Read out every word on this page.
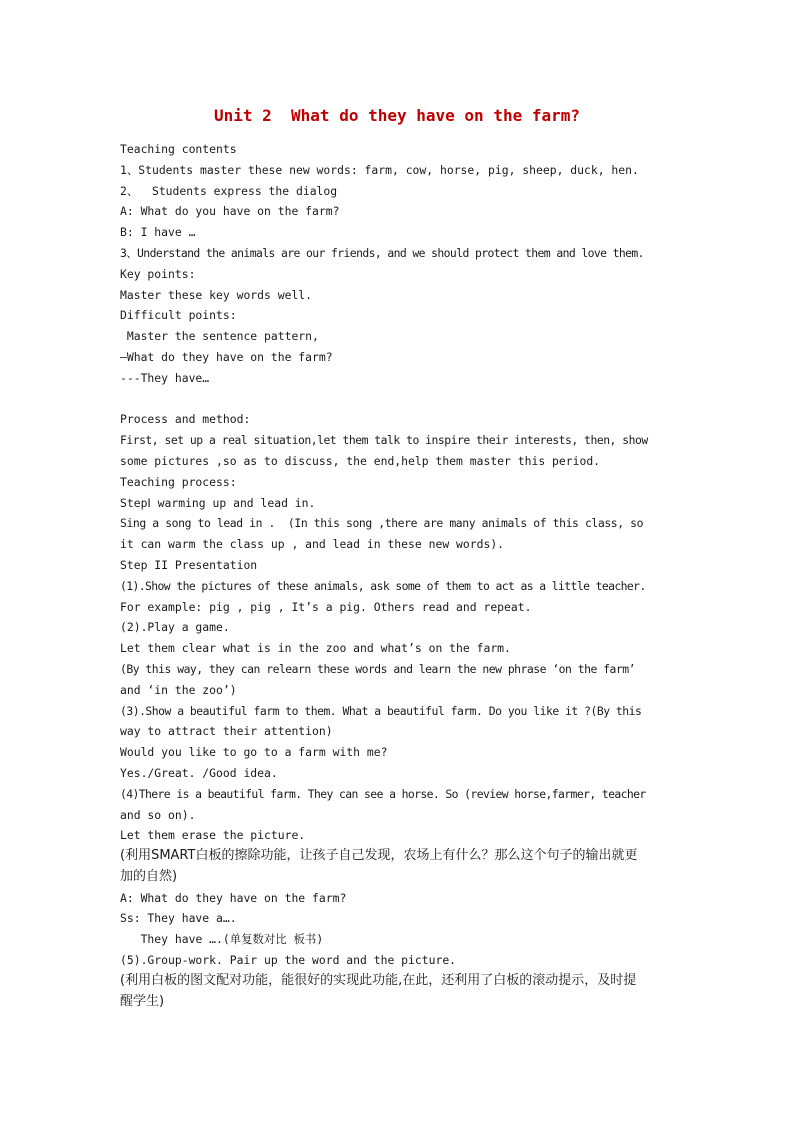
Unit 2  What do they have on the farm?
Teaching contents
1、Students master these new words: farm, cow, horse, pig, sheep, duck, hen.
2、  Students express the dialog
A: What do you have on the farm?
B: I have …
3、Understand the animals are our friends, and we should protect them and love them.
Key points:
Master these key words well.
Difficult points:
Master the sentence pattern,
—What do they have on the farm?
---They have…
Process and method:
First, set up a real situation,let them talk to inspire their interests, then, show
some pictures ,so as to discuss, the end,help them master this period.
Teaching process:
StepⅠ warming up and lead in.
Sing a song to lead in .  (In this song ,there are many animals of this class, so
it can warm the class up , and lead in these new words).
Step II Presentation
(1).Show the pictures of these animals, ask some of them to act as a little teacher.
For example: pig , pig , It’s a pig. Others read and repeat.
(2).Play a game.
Let them clear what is in the zoo and what’s on the farm.
(By this way, they can relearn these words and learn the new phrase ‘on the farm’
and ‘in the zoo’)
(3).Show a beautiful farm to them. What a beautiful farm. Do you like it ?(By this
way to attract their attention)
Would you like to go to a farm with me?
Yes./Great. /Good idea.
(4)There is a beautiful farm. They can see a horse. So (review horse,farmer, teacher
and so on).
Let them erase the picture.
(利用SMART白板的擦除功能，让孩子自己发现，农场上有什么？那么这个句子的输出就更
加的自然)
A: What do they have on the farm?
Ss: They have a….
They have ….(单复数对比 板书)
(5).Group-work. Pair up the word and the picture.
(利用白板的图文配对功能，能很好的实现此功能,在此，还利用了白板的滚动提示，及时提
醒学生)
